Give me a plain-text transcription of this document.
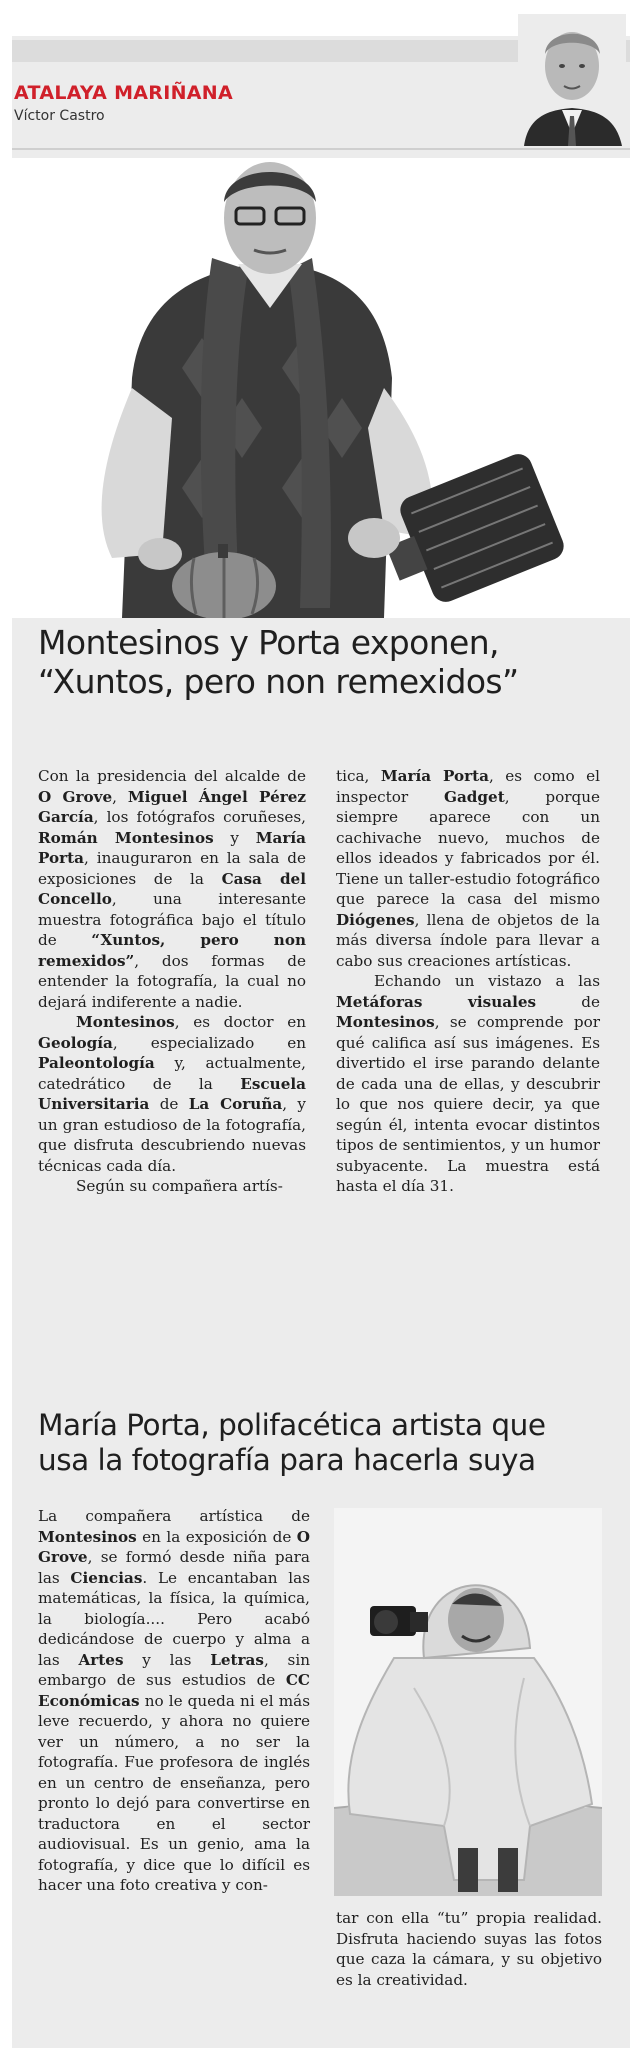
ATALAYA MARIÑANA
Víctor Castro
Montesinos y Porta exponen,
“Xuntos, pero non remexidos”

Con la presidencia del alcalde de O Grove, Miguel Ángel Pérez García, los fotógrafos coruñeses, Román Montesinos y María Porta, inauguraron en la sala de exposiciones de la Casa del Concello, una interesante muestra fotográfica bajo el título de “Xuntos, pero non remexidos”, dos formas de entender la fotografía, la cual no dejará indiferente a nadie.

Montesinos, es doctor en Geología, especializado en Paleontología y, actualmente, catedrático de la Escuela Universitaria de La Coruña, y un gran estudioso de la fotografía, que disfruta descubriendo nuevas técnicas cada día.

Según su compañera artís-

tica, María Porta, es como el inspector Gadget, porque siempre aparece con un cachivache nuevo, muchos de ellos ideados y fabricados por él. Tiene un taller-estudio fotográfico que parece la casa del mismo Diógenes, llena de objetos de la más diversa índole para llevar a cabo sus creaciones artísticas.

Echando un vistazo a las Metáforas visuales de Montesinos, se comprende por qué califica así sus imágenes. Es divertido el irse parando delante de cada una de ellas, y descubrir lo que nos quiere decir, ya que según él, intenta evocar distintos tipos de sentimientos, y un humor subyacente. La muestra está hasta el día 31.

María Porta, polifacética artista que
usa la fotografía para hacerla suya

La compañera artística de Montesinos en la exposición de O Grove, se formó desde niña para las Ciencias. Le encantaban las matemáticas, la física, la química, la biología.... Pero acabó dedicándose de cuerpo y alma a las Artes y las Letras, sin embargo de sus estudios de CC Económicas no le queda ni el más leve recuerdo, y ahora no quiere ver un número, a no ser la fotografía. Fue profesora de inglés en un centro de enseñanza, pero pronto lo dejó para convertirse en traductora en el sector audiovisual. Es un genio, ama la fotografía, y dice que lo difícil es hacer una foto creativa y con-

tar con ella “tu” propia realidad. Disfruta haciendo suyas las fotos que caza la cámara, y su objetivo es la creatividad.
